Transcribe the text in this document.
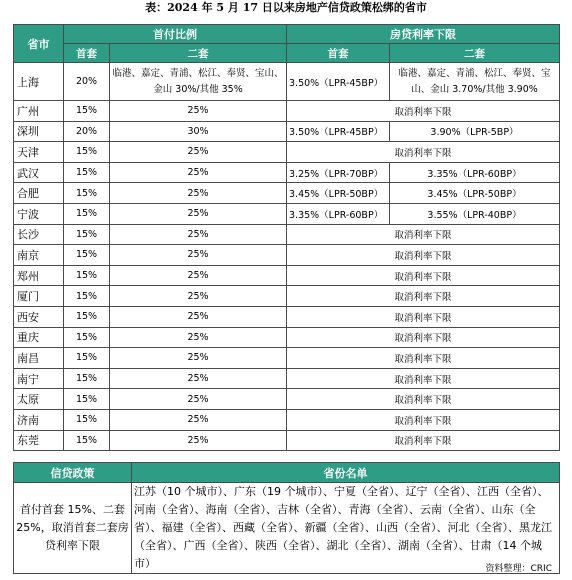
表：2024 年 5 月 17 日以来房地产信贷政策松绑的省市
省市	首付比例		房贷利率下限	
	首套	二套	首套	二套
上海	20%	临港、嘉定、青浦、松江、奉贤、宝山、金山 30%/其他 35%	3.50%（LPR-45BP）	临港、嘉定、青浦、松江、奉贤、宝山、金山 3.70%/其他 3.90%
广州	15%	25%	取消利率下限	
深圳	20%	30%	3.50%（LPR-45BP）	3.90%（LPR-5BP）
天津	15%	25%	取消利率下限	
武汉	15%	25%	3.25%（LPR-70BP）	3.35%（LPR-60BP）
合肥	15%	25%	3.45%（LPR-50BP）	3.45%（LPR-50BP）
宁波	15%	25%	3.35%（LPR-60BP）	3.55%（LPR-40BP）
长沙	15%	25%	取消利率下限	
南京	15%	25%	取消利率下限	
郑州	15%	25%	取消利率下限	
厦门	15%	25%	取消利率下限	
西安	15%	25%	取消利率下限	
重庆	15%	25%	取消利率下限	
南昌	15%	25%	取消利率下限	
南宁	15%	25%	取消利率下限	
太原	15%	25%	取消利率下限	
济南	15%	25%	取消利率下限	
东莞	15%	25%	取消利率下限	
信贷政策	省份名单
首付首套 15%、二套 25%，取消首套二套房贷利率下限	江苏（10 个城市）、广东（19 个城市）、宁夏（全省）、辽宁（全省）、江西（全省）、河南（全省）、海南（全省）、吉林（全省）、青海（全省）、云南（全省）、山东（全省）、福建（全省）、西藏（全省）、新疆（全省）、山西（全省）、河北（全省）、黑龙江（全省）、广西（全省）、陕西（全省）、湖北（全省）、湖南（全省）、甘肃（14 个城市）	资料整理：CRIC
